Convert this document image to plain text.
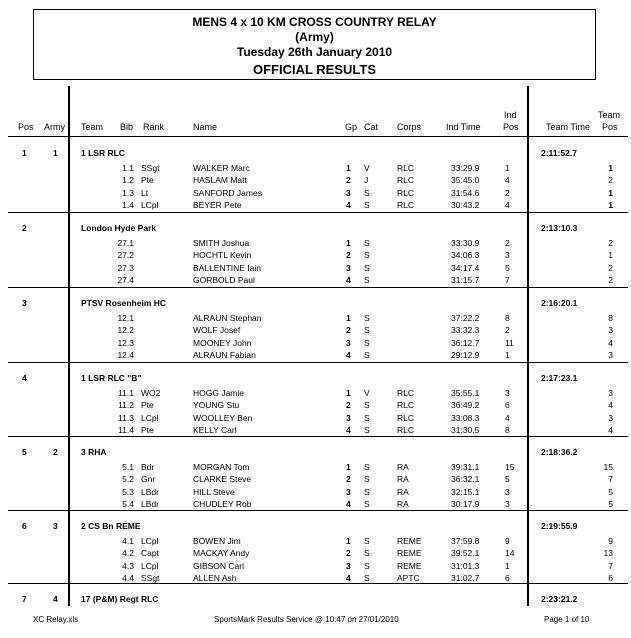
MENS 4 x 10 KM CROSS COUNTRY RELAY
(Army)
Tuesday 26th January 2010
OFFICIAL RESULTS
Pos Army Team Bib Rank	Name	Gp Cat Corps	Ind Time
Ind
Pos	Team Time
Team
Pos
1	1	1 LSR RLC	2:11:52.7
1.1 SSgt	WALKER Marc	1 V	RLC	33:29.9	1	1
1.2 Pte	HASLAM Matt	2 J	RLC	35:45.0	4	2
1.3 Lt	SANFORD James	3 S	RLC	31:54.6	2	1
1.4 LCpl	BEYER Pete	4 S	RLC	30:43.2	4	1
2	London Hyde Park	2:13:10.3
27.1	SMITH Joshua	1 S	33:30.9	2	2
27.2	HOCHTL Kevin	2 S	34:06.3	3	1
27.3	BALLENTINE Iain	3 S	34:17.4	5	2
27.4	GORBOLD Paul	4 S	31:15.7	7	2
3	PTSV Rosenheim HC	2:16:20.1
12.1	ALRAUN Stephan	1 S	37:22.2	8	8
12.2	WOLF Josef	2 S	33:32.3	2	3
12.3	MOONEY John	3 S	36:12.7	11	4
12.4	ALRAUN Fabian	4 S	29:12.9	1	3
4	1 LSR RLC "B"	2:17:23.1
11.1 WO2	HOGG Jamie	1 V	RLC	35:55.1	3	3
11.2 Pte	YOUNG Stu	2 S	RLC	36:49.2	6	4
11.3 LCpl	WOOLLEY Ben	3 S	RLC	33:08.3	4	3
11.4 Pte	KELLY Carl	4 S	RLC	31:30.5	8	4
5	2	3 RHA	2:18:36.2
5.1 Bdr	MORGAN Tom	1 S	RA	39:31.1	15	15
5.2 Gnr	CLARKE Steve	2 S	RA	36:32.1	5	7
5.3 LBdr	HILL Steve	3 S	RA	32:15.1	3	5
5.4 LBdr	CHUDLEY Rob	4 S	RA	30:17.9	3	5
6	3	2 CS Bn REME	2:19:55.9
4.1 LCpl	BOWEN Jim	1 S	REME	37:59.8	9	9
4.2 Capt	MACKAY Andy	2 S	REME	39:52.1	14	13
4.3 LCpl	GIBSON Carl	3 S	REME	31:01.3	1	7
4.4 SSgt	ALLEN Ash	4 S	APTC	31:02.7	6	6
7	4	17 (P&M) Regt RLC	2:23:21.2
XC Relay.xls	SportsMark Results Service @ 10:47 on 27/01/2010	Page 1 of 10
